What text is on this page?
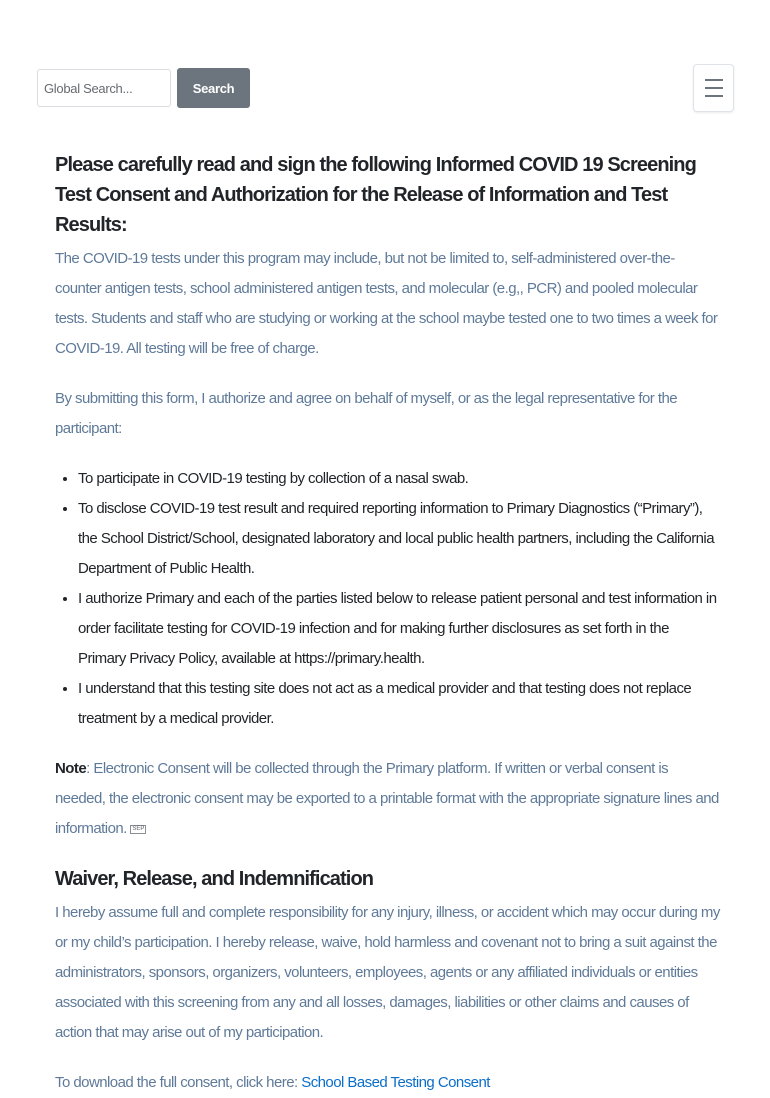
Global Search...
Search
Please carefully read and sign the following Informed COVID 19 Screening Test Consent and Authorization for the Release of Information and Test Results:

The COVID-19 tests under this program may include, but not be limited to, self-administered over-the-counter antigen tests, school administered antigen tests, and molecular (e.g,, PCR) and pooled molecular tests. Students and staff who are studying or working at the school maybe tested one to two times a week for COVID-19. All testing will be free of charge.

By submitting this form, I authorize and agree on behalf of myself, or as the legal representative for the participant:

• To participate in COVID-19 testing by collection of a nasal swab.
• To disclose COVID-19 test result and required reporting information to Primary Diagnostics (“Primary”), the School District/School, designated laboratory and local public health partners, including the California Department of Public Health.
• I authorize Primary and each of the parties listed below to release patient personal and test information in order facilitate testing for COVID-19 infection and for making further disclosures as set forth in the Primary Privacy Policy, available at https://primary.health.
• I understand that this testing site does not act as a medical provider and that testing does not replace treatment by a medical provider.

Note: Electronic Consent will be collected through the Primary platform. If written or verbal consent is needed, the electronic consent may be exported to a printable format with the appropriate signature lines and information. SEP

Waiver, Release, and Indemnification

I hereby assume full and complete responsibility for any injury, illness, or accident which may occur during my or my child’s participation. I hereby release, waive, hold harmless and covenant not to bring a suit against the administrators, sponsors, organizers, volunteers, employees, agents or any affiliated individuals or entities associated with this screening from any and all losses, damages, liabilities or other claims and causes of action that may arise out of my participation.

To download the full consent, click here: School Based Testing Consent
